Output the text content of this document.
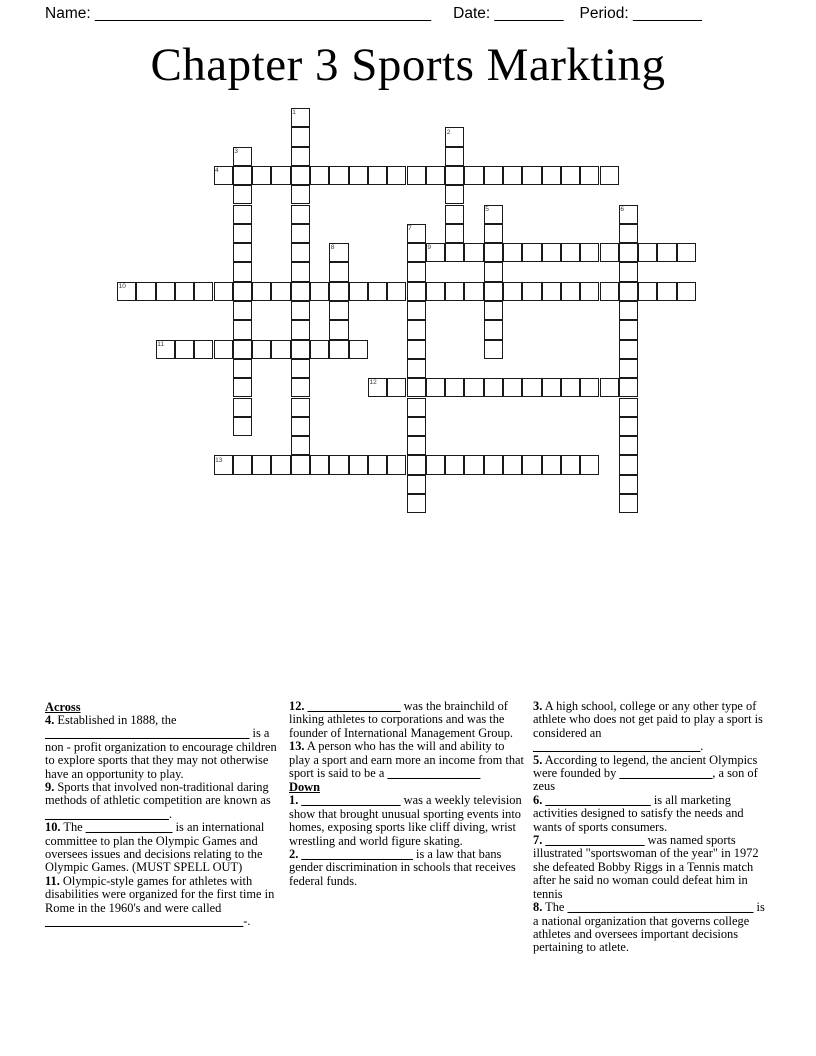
Name:
_______________________________________ Date:
________ Period:
________
Chapter 3 Sports Markting
1
2
3
4
5	6
7
8	9
10
11
12
13
Across

4. Established in 1888, the _________________________________ is a non - profit organization to encourage children to explore sports that they may not otherwise have an opportunity to play.

9. Sports that involved non-traditional daring methods of athletic competition are known as ____________________.

10. The ______________ is an international committee to plan the Olympic Games and oversees issues and decisions relating to the Olympic Games. (MUST SPELL OUT)

11. Olympic-style games for athletes with disabilities were organized for the first time in Rome in the 1960's and were called ________________________________-.

12. _______________ was the brainchild of linking athletes to corporations and was the founder of International Management Group.

13. A person who has the will and ability to play a sport and earn more an income from that sport is said to be a _______________

Down

1. ________________ was a weekly television show that brought unusual sporting events into homes, exposing sports like cliff diving, wrist wrestling and world figure skating.

2. __________________ is a law that bans gender discrimination in schools that receives federal funds.

3. A high school, college or any other type of athlete who does not get paid to play a sport is considered an ___________________________.

5. According to legend, the ancient Olympics were founded by _______________, a son of zeus

6. _________________ is all marketing activities designed to satisfy the needs and wants of sports consumers.

7. ________________ was named sports illustrated "sportswoman of the year" in 1972 she defeated Bobby Riggs in a Tennis match after he said no woman could defeat him in tennis

8. The ______________________________ is a national organization that governs college athletes and oversees important decisions pertaining to atlete.
